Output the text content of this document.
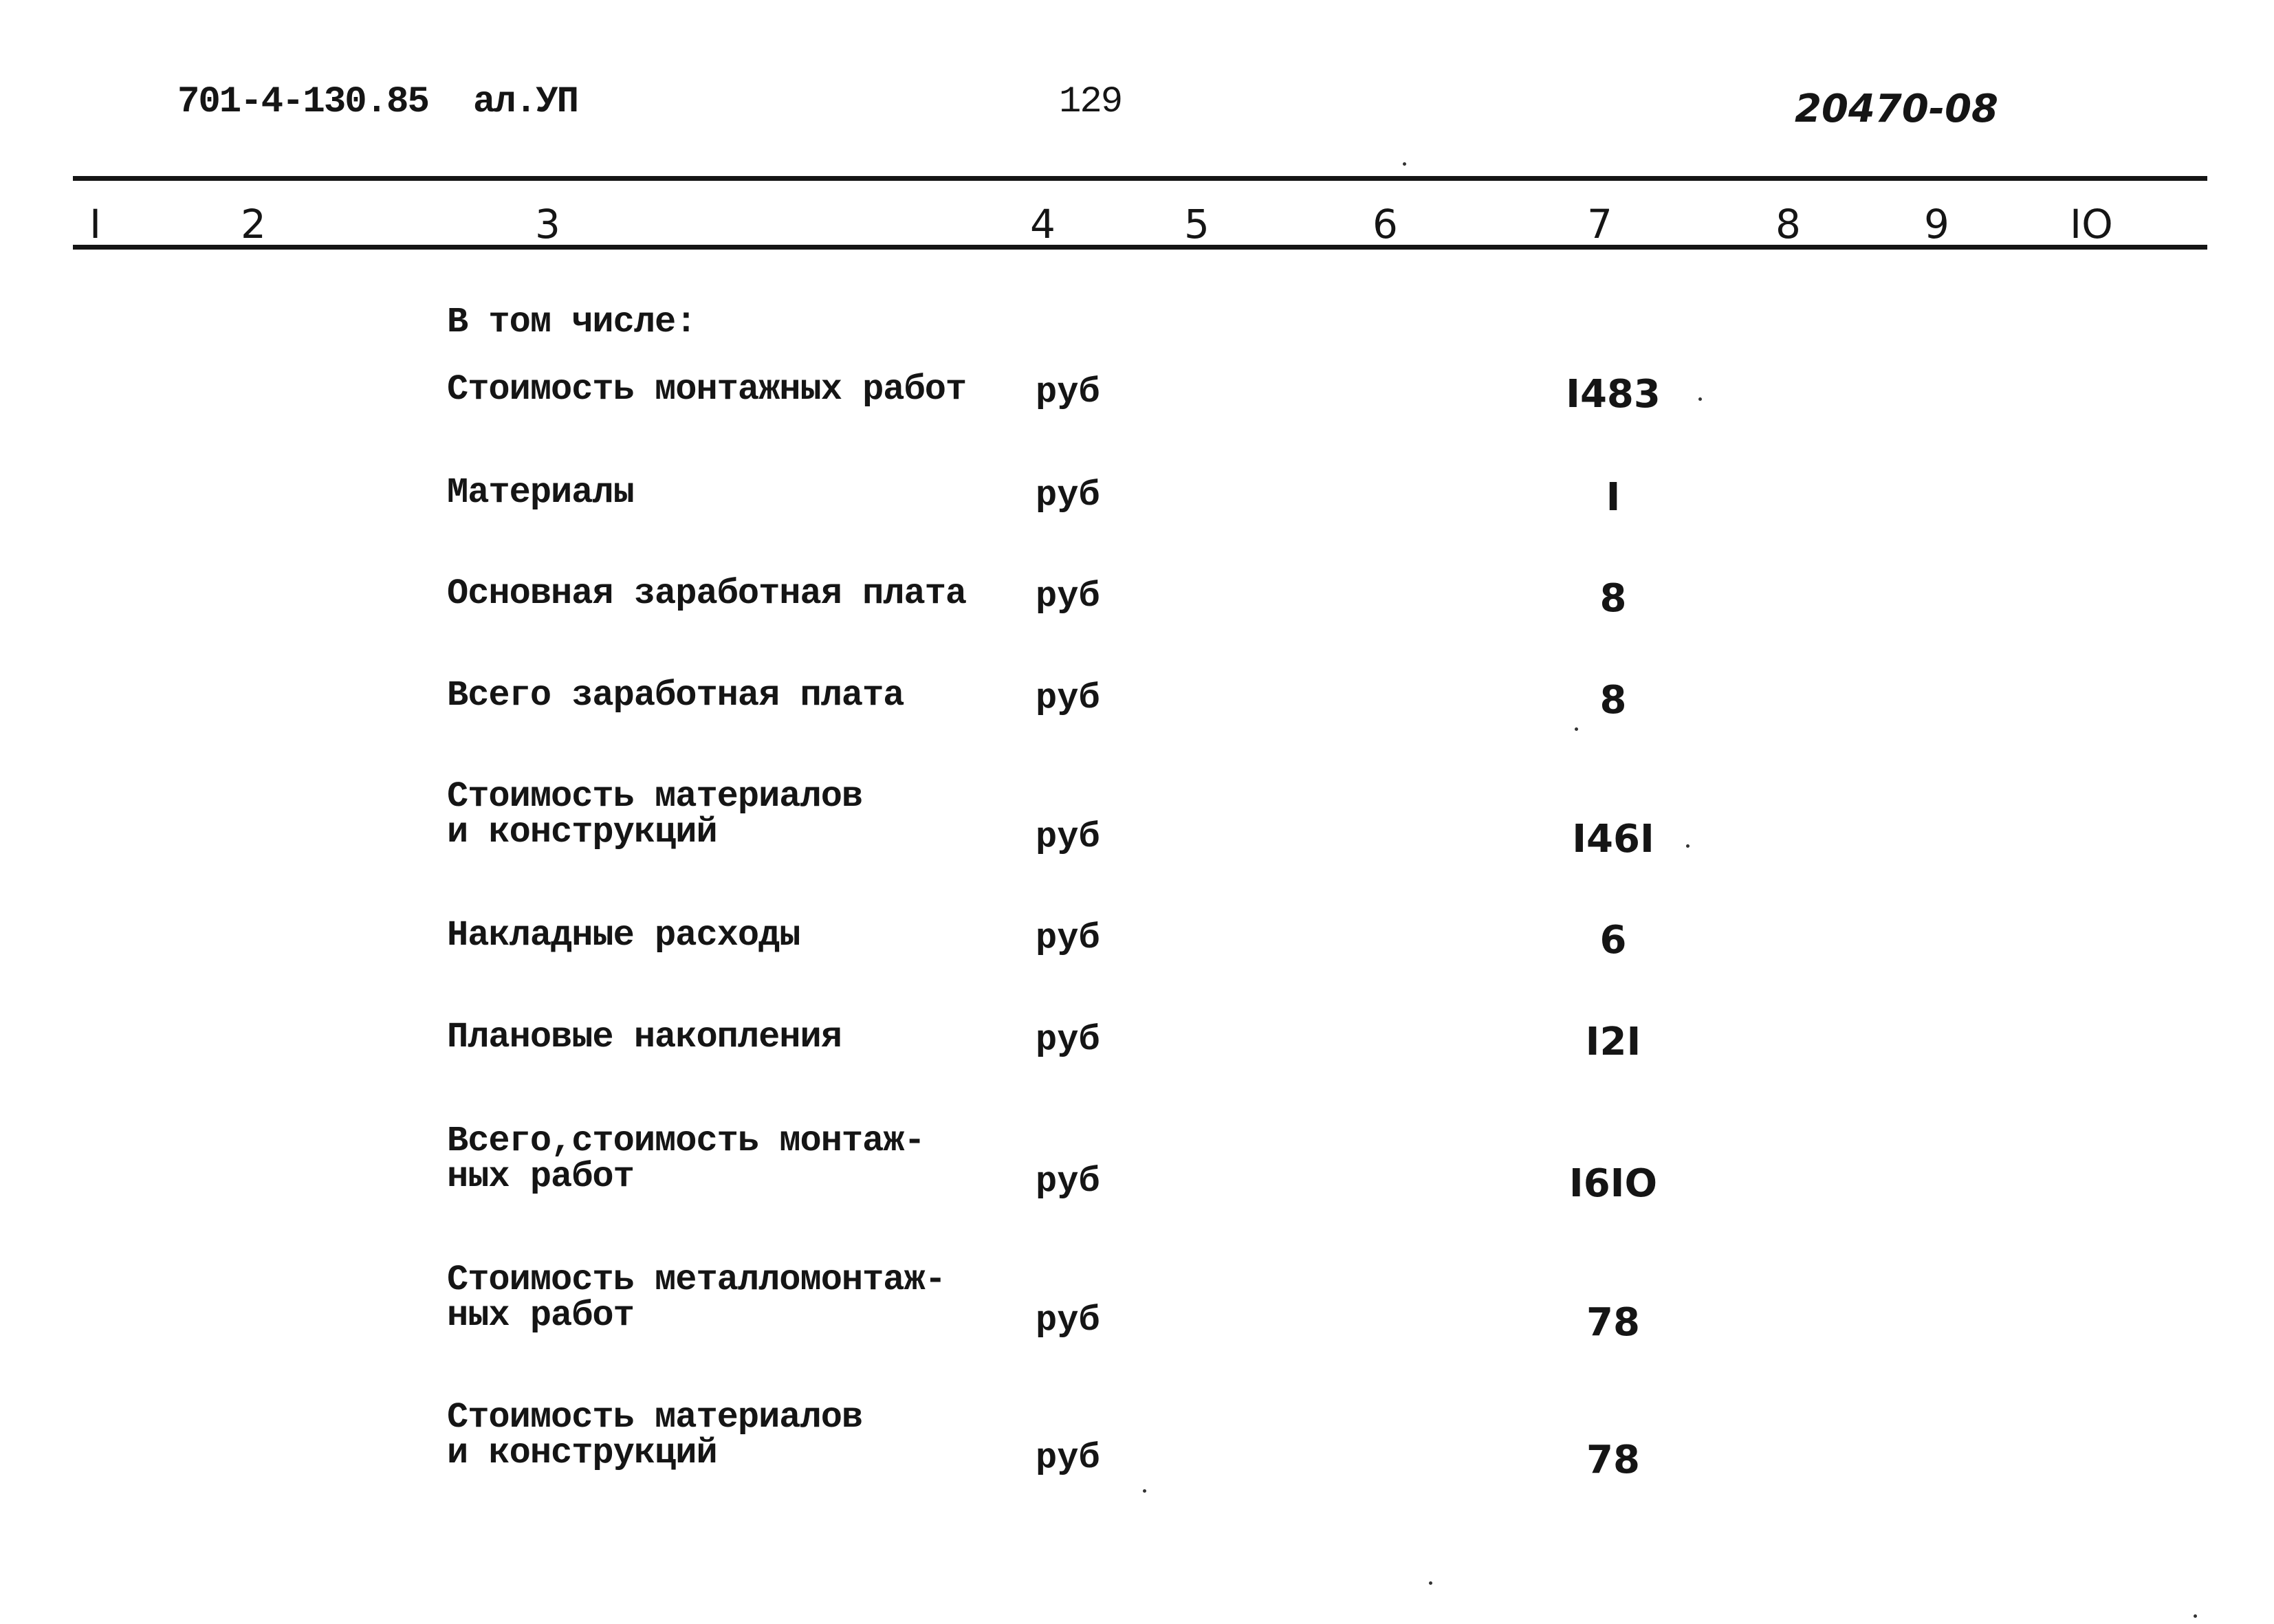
701-4-130.85 ал.УП	129	20470-08
I	2	3	4	5	6	7	8	9	IO
В том числе:
Стоимость монтажных работ руб	I483
Материалы	руб	I
Основная заработная плата руб	8
Всего заработная плата	руб	8
Стоимость материалов
и конструкций	руб	I46I
Накладные расходы	руб	6
Плановые накопления	руб	I2I
Всего,стоимость монтаж-
ных работ	руб	I6IO
Стоимость металломонтаж-
ных работ	руб	78
Стоимость материалов
и конструкций	руб	78
